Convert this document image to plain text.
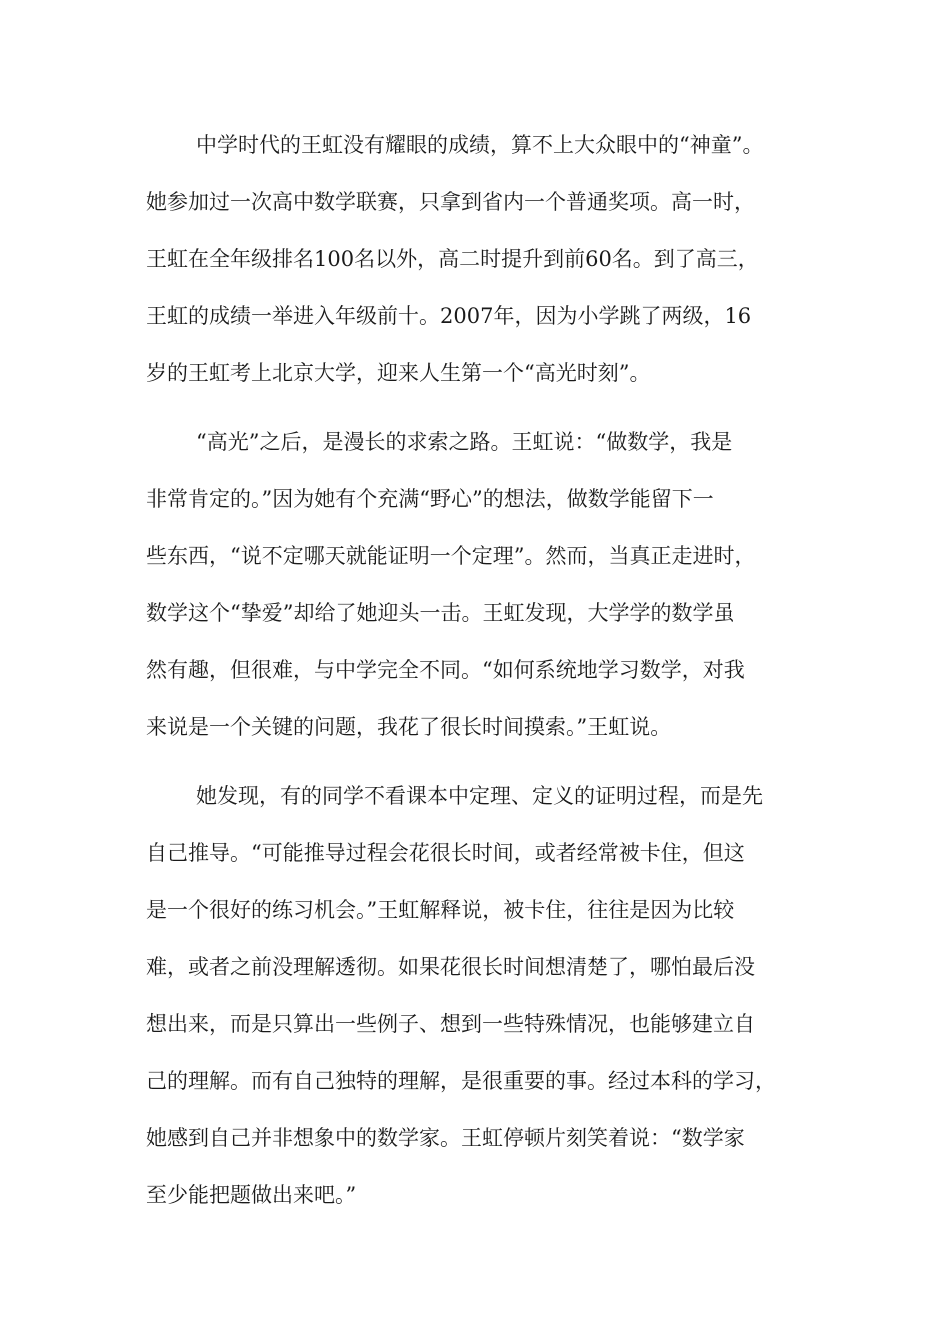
中学时代的王虹没有耀眼的成绩，算不上大众眼中的“神童”。

她参加过一次高中数学联赛，只拿到省内一个普通奖项。高一时，

王虹在全年级排名100名以外，高二时提升到前60名。到了高三，

王虹的成绩一举进入年级前十。2007年，因为小学跳了两级，16

岁的王虹考上北京大学，迎来人生第一个“高光时刻”。

“高光”之后，是漫长的求索之路。王虹说：“做数学，我是

非常肯定的。”因为她有个充满“野心”的想法，做数学能留下一

些东西，“说不定哪天就能证明一个定理”。然而，当真正走进时，

数学这个“挚爱”却给了她迎头一击。王虹发现，大学学的数学虽

然有趣，但很难，与中学完全不同。“如何系统地学习数学，对我

来说是一个关键的问题，我花了很长时间摸索。”王虹说。

她发现，有的同学不看课本中定理、定义的证明过程，而是先

自己推导。“可能推导过程会花很长时间，或者经常被卡住，但这

是一个很好的练习机会。”王虹解释说，被卡住，往往是因为比较

难，或者之前没理解透彻。如果花很长时间想清楚了，哪怕最后没

想出来，而是只算出一些例子、想到一些特殊情况，也能够建立自

己的理解。而有自己独特的理解，是很重要的事。经过本科的学习，

她感到自己并非想象中的数学家。王虹停顿片刻笑着说：“数学家

至少能把题做出来吧。”
